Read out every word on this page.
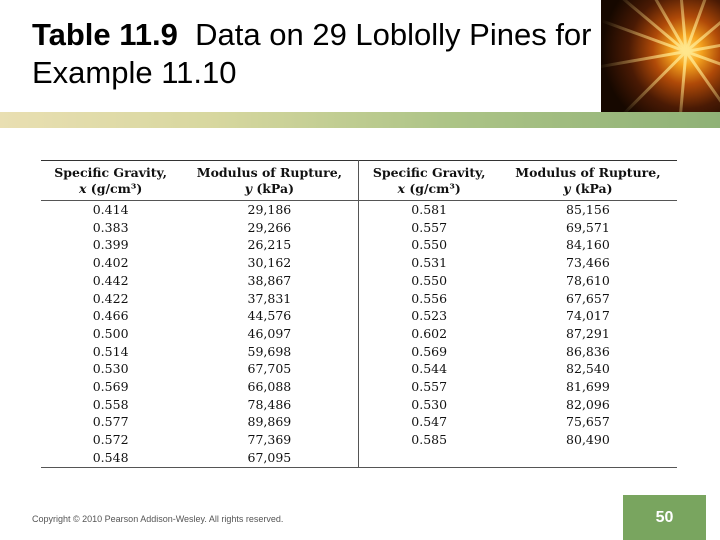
Table 11.9 Data on 29 Loblolly Pines for Example 11.10
Specific Gravity,	Modulus of Rupture,	Specific Gravity,	Modulus of Rupture,
x (g/cm³)	y (kPa)	x (g/cm³)	y (kPa)
0.414	29,186	0.581	85,156
0.383	29,266	0.557	69,571
0.399	26,215	0.550	84,160
0.402	30,162	0.531	73,466
0.442	38,867	0.550	78,610
0.422	37,831	0.556	67,657
0.466	44,576	0.523	74,017
0.500	46,097	0.602	87,291
0.514	59,698	0.569	86,836
0.530	67,705	0.544	82,540
0.569	66,088	0.557	81,699
0.558	78,486	0.530	82,096
0.577	89,869	0.547	75,657
0.572	77,369	0.585	80,490
0.548	67,095		
Copyright © 2010 Pearson Addison-Wesley. All rights reserved.	50
